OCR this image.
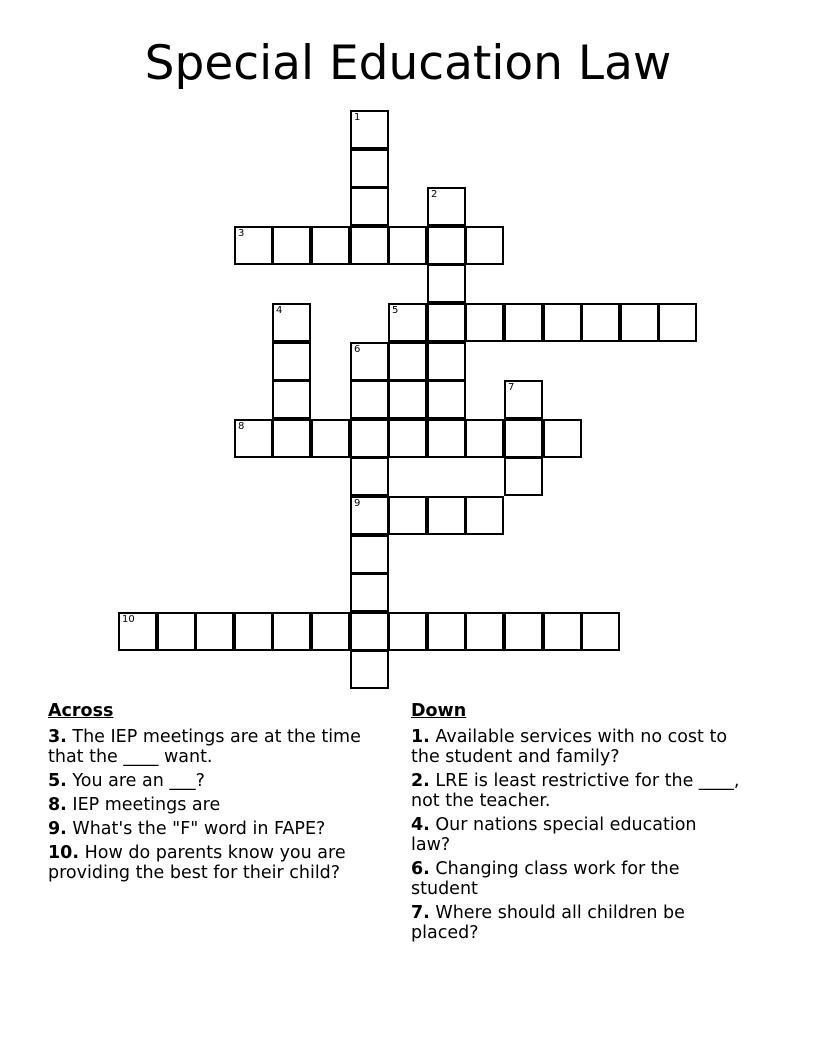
Special Education Law
1
2
3
4	5
6
7
8
9
10
Across
3. The IEP meetings are at the time that the ____ want.
5. You are an ___?
8. IEP meetings are
9. What's the "F" word in FAPE?
10. How do parents know you are providing the best for their child?
Down
1. Available services with no cost to the student and family?
2. LRE is least restrictive for the ____, not the teacher.
4. Our nations special education law?
6. Changing class work for the student
7. Where should all children be placed?
